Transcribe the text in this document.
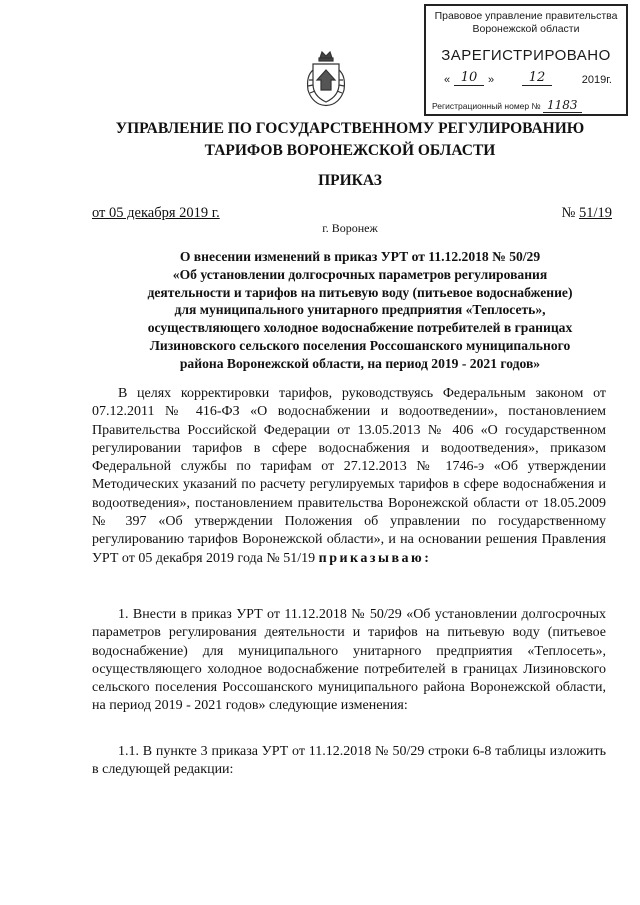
Правовое управление правительства
Воронежской области
ЗАРЕГИСТРИРОВАНО
« 10 »	12	2019г.
Регистрационный номер № 1183
УПРАВЛЕНИЕ ПО ГОСУДАРСТВЕННОМУ РЕГУЛИРОВАНИЮ
ТАРИФОВ ВОРОНЕЖСКОЙ ОБЛАСТИ
ПРИКАЗ
от 05 декабря 2019 г.	№ 51/19
г. Воронеж
О внесении изменений в приказ УРТ от 11.12.2018 № 50/29
«Об установлении долгосрочных параметров регулирования
деятельности и тарифов на питьевую воду (питьевое водоснабжение)
для муниципального унитарного предприятия «Теплосеть»,
осуществляющего холодное водоснабжение потребителей в границах
Лизиновского сельского поселения Россошанского муниципального
района Воронежской области, на период 2019 - 2021 годов»
В целях корректировки тарифов, руководствуясь Федеральным законом от 07.12.2011 № 416-ФЗ «О водоснабжении и водоотведении», постановлением Правительства Российской Федерации от 13.05.2013 № 406 «О государственном регулировании тарифов в сфере водоснабжения и водоотведения», приказом Федеральной службы по тарифам от 27.12.2013 № 1746-э «Об утверждении Методических указаний по расчету регулируемых тарифов в сфере водоснабжения и водоотведения», постановлением правительства Воронежской области от 18.05.2009 № 397 «Об утверждении Положения об управлении по государственному регулированию тарифов Воронежской области», и на основании решения Правления УРТ от 05 декабря 2019 года № 51/19 приказываю:
1. Внести в приказ УРТ от 11.12.2018 № 50/29 «Об установлении долгосрочных параметров регулирования деятельности и тарифов на питьевую воду (питьевое водоснабжение) для муниципального унитарного предприятия «Теплосеть», осуществляющего холодное водоснабжение потребителей в границах Лизиновского сельского поселения Россошанского муниципального района Воронежской области, на период 2019 - 2021 годов» следующие изменения:
1.1. В пункте 3 приказа УРТ от 11.12.2018 № 50/29 строки 6-8 таблицы изложить в следующей редакции:
